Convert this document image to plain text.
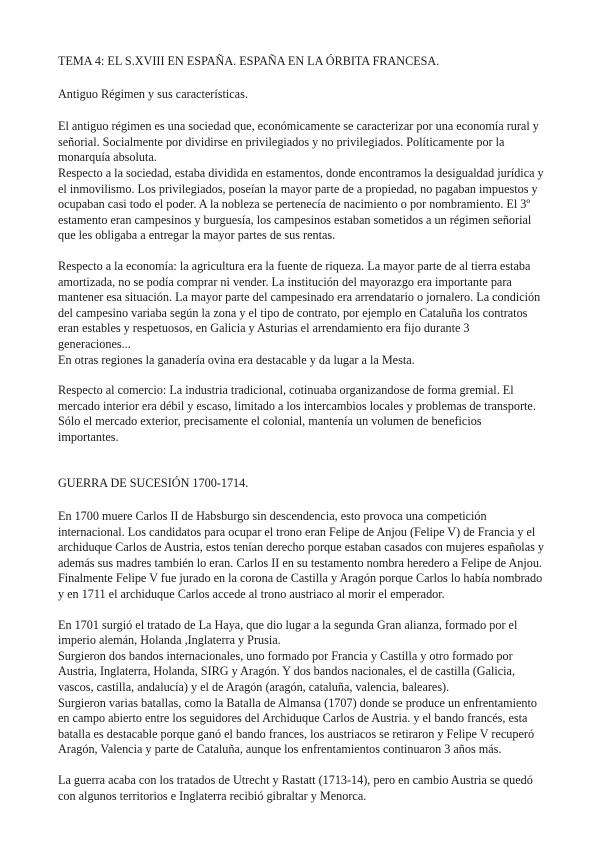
TEMA 4: EL S.XVIII EN ESPAÑA. ESPAÑA EN LA ÓRBITA FRANCESA.
Antiguo Régimen y sus características.

El antiguo régimen es una sociedad que, económicamente se caracterizar por una economía rural y señorial. Socialmente por dividirse en privilegiados y no privilegiados. Políticamente por la monarquía absoluta.

Respecto a la sociedad, estaba dividida en estamentos, donde encontramos la desigualdad jurídica y el inmovilismo. Los privilegiados, poseían la mayor parte de a propiedad, no pagaban impuestos y ocupaban casi todo el poder. A la nobleza se pertenecía de nacimiento o por nombramiento. El 3º estamento eran campesinos y burguesía, los campesinos estaban sometidos a un régimen señorial que les obligaba a entregar la mayor partes de sus rentas.

Respecto a la economía: la agricultura era la fuente de riqueza. La mayor parte de al tierra estaba amortizada, no se podía comprar ni vender. La institución del mayorazgo era importante para mantener esa situación. La mayor parte del campesinado era arrendatario o jornalero. La condición del campesino variaba según la zona y el tipo de contrato, por ejemplo en Cataluña los contratos eran estables y respetuosos, en Galicia y Asturias el arrendamiento era fijo durante 3 generaciones...

En otras regiones la ganadería ovina era destacable y da lugar a la Mesta.

Respecto al comercio: La industria tradicional, cotinuaba organizandose de forma gremial. El mercado interior era débil y escaso, limitado a los intercambios locales y problemas de transporte. Sólo el mercado exterior, precisamente el colonial, mantenía un volumen de beneficios importantes.

GUERRA DE SUCESIÓN 1700-1714.

En 1700 muere Carlos II de Habsburgo sin descendencia, esto provoca una competición internacional. Los candidatos para ocupar el trono eran Felipe de Anjou (Felipe V) de Francia y el archiduque Carlos de Austria, estos tenían derecho porque estaban casados con mujeres españolas y además sus madres también lo eran. Carlos II en su testamento nombra heredero a Felipe de Anjou. Finalmente Felipe V fue jurado en la corona de Castilla y Aragón porque Carlos lo había nombrado y en 1711 el archiduque Carlos accede al trono austriaco al morir el emperador.

En 1701 surgió el tratado de La Haya, que dio lugar a la segunda Gran alianza, formado por el imperio alemán, Holanda ,Inglaterra y Prusia.

Surgieron dos bandos internacionales, uno formado por Francia y Castilla y otro formado por Austria, Inglaterra, Holanda, SIRG y Aragón. Y dos bandos nacionales, el de castilla (Galicia, vascos, castilla, andalucía) y el de Aragón (aragón, cataluña, valencia, baleares).

Surgieron varias batallas, como la Batalla de Almansa (1707) donde se produce un enfrentamiento en campo abierto entre los seguidores del Archiduque Carlos de Austria. y el bando francés, esta batalla es destacable porque ganó el bando frances, los austriacos se retiraron y Felipe V recuperó Aragón, Valencia y parte de Cataluña, aunque los enfrentamientos continuaron 3 años más.

La guerra acaba con los tratados de Utrecht y Rastatt (1713-14), pero en cambio Austria se quedó con algunos territorios e Inglaterra recibió gibraltar y Menorca.
